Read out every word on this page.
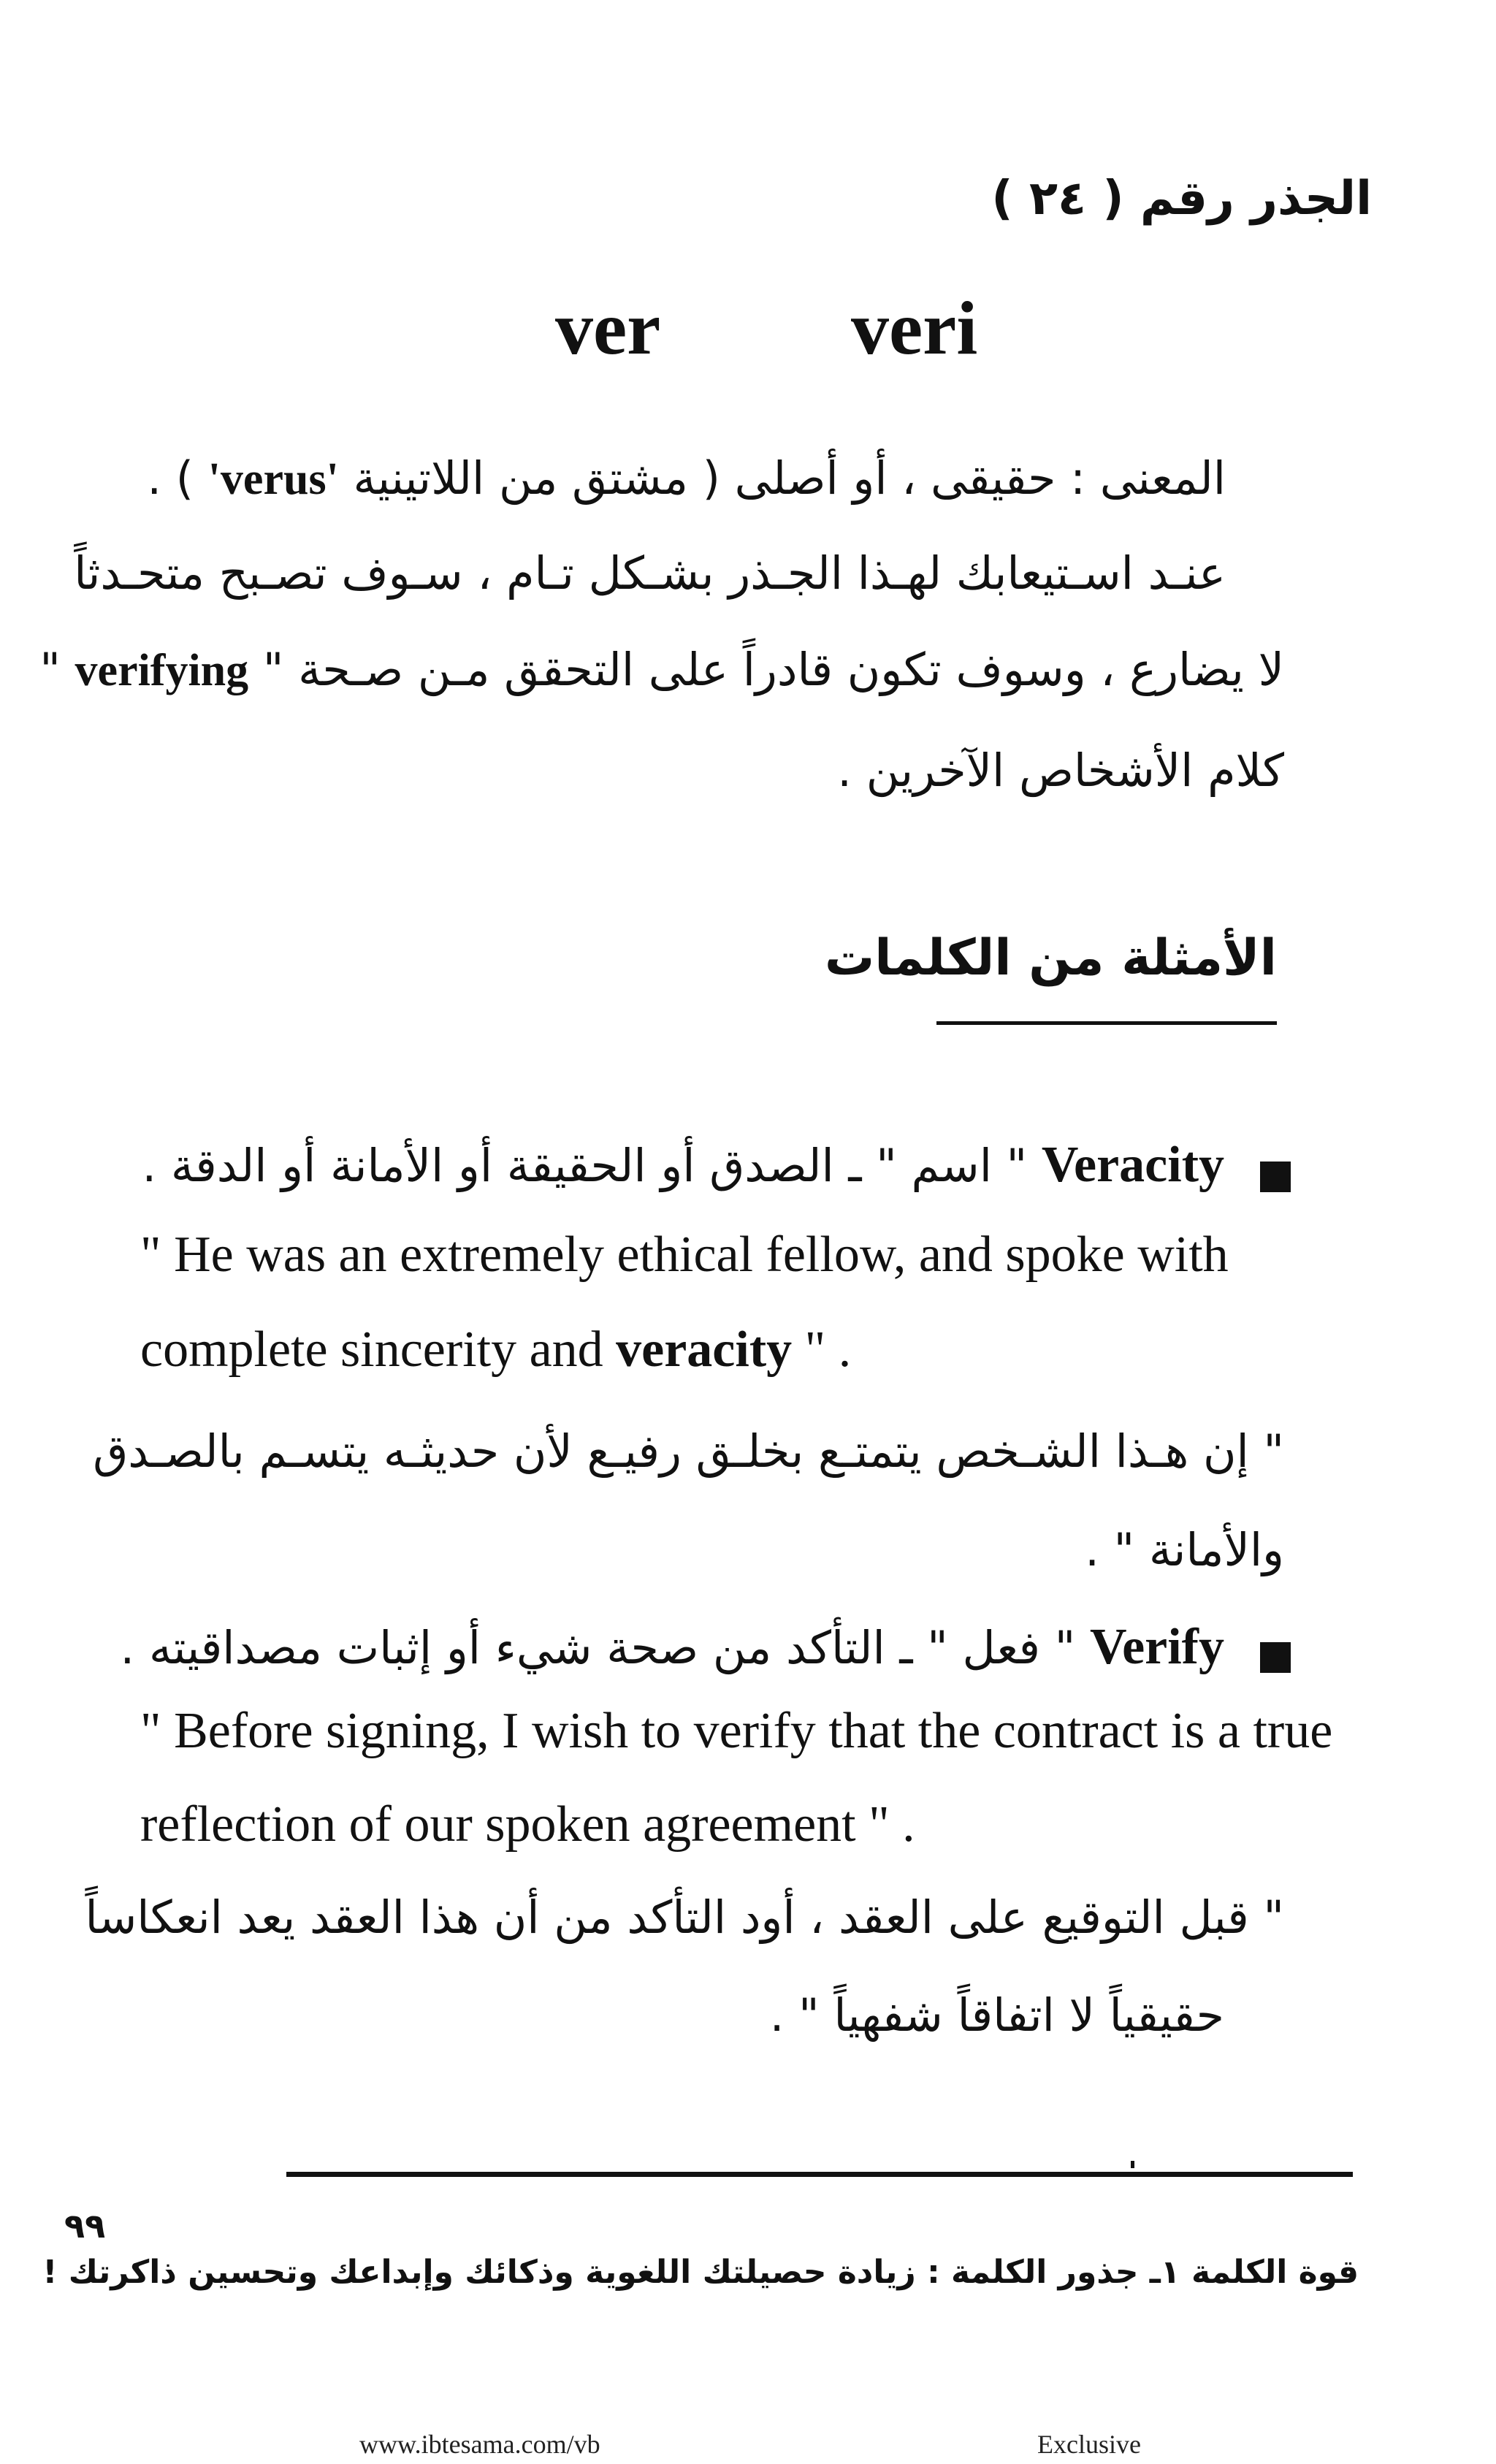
الجذر رقم ( ٢٤ )
ver	veri
المعنى : حقيقى ، أو أصلى ( مشتق من اللاتينية 'verus' ) .
عنـد اسـتيعابك لهـذا الجـذر بشـكل تـام ، سـوف تصـبح متحـدثاً
لا يضارع ، وسوف تكون قادراً على التحقق مـن صـحة " verifying "
كلام الأشخاص الآخرين .
الأمثلة من الكلمات
Veracity " اسم " ـ الصدق أو الحقيقة أو الأمانة أو الدقة .
" He was an extremely ethical fellow, and spoke with
complete sincerity and veracity " .
" إن هـذا الشـخص يتمتـع بخلـق رفيـع لأن حديثـه يتسـم بالصـدق
والأمانة " .
Verify " فعل " ـ التأكد من صحة شيء أو إثبات مصداقيته .
" Before signing, I wish to verify that the contract is a true
reflection of our spoken agreement " .
" قبل التوقيع على العقد ، أود التأكد من أن هذا العقد يعد انعكاساً
حقيقياً لا اتفاقاً شفهياً " .
٩٩
قوة الكلمة ١ـ جذور الكلمة : زيادة حصيلتك اللغوية وذكائك وإبداعك وتحسين ذاكرتك !
www.ibtesama.com/vb	Exclusive
